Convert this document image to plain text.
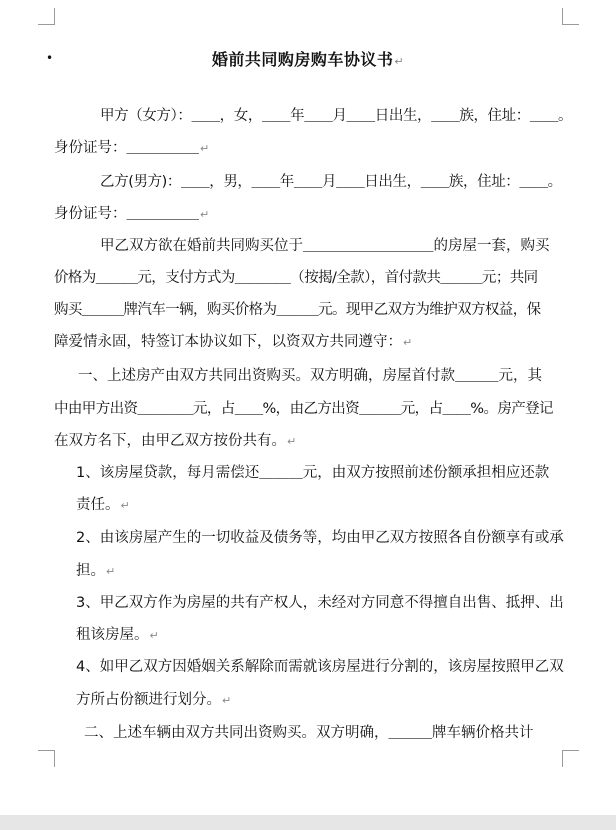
•	婚前共同购房购车协议书↵
甲方（女方）：＿＿，女，＿＿年＿＿月＿＿日出生，＿＿族，住址：＿＿。
身份证号：＿＿＿＿＿↵
乙方(男方)：＿＿，男，＿＿年＿＿月＿＿日出生，＿＿族，住址：＿＿。
身份证号：＿＿＿＿＿↵
甲乙双方欲在婚前共同购买位于＿＿＿＿＿＿＿＿＿的房屋一套，购买
价格为＿＿＿元，支付方式为＿＿＿＿（按揭/全款），首付款共＿＿＿元；共同
购买＿＿＿牌汽车一辆，购买价格为＿＿＿元。现甲乙双方为维护双方权益，保
障爱情永固，特签订本协议如下，以资双方共同遵守：↵
一、上述房产由双方共同出资购买。双方明确，房屋首付款＿＿＿元，其
中由甲方出资＿＿＿＿元，占＿＿%，由乙方出资＿＿＿元，占＿＿%。房产登记
在双方名下，由甲乙双方按份共有。↵
1、该房屋贷款，每月需偿还＿＿＿元，由双方按照前述份额承担相应还款
责任。↵
2、由该房屋产生的一切收益及债务等，均由甲乙双方按照各自份额享有或承
担。↵
3、甲乙双方作为房屋的共有产权人，未经对方同意不得擅自出售、抵押、出
租该房屋。↵
4、如甲乙双方因婚姻关系解除而需就该房屋进行分割的，该房屋按照甲乙双
方所占份额进行划分。↵
二、上述车辆由双方共同出资购买。双方明确，＿＿＿牌车辆价格共计
